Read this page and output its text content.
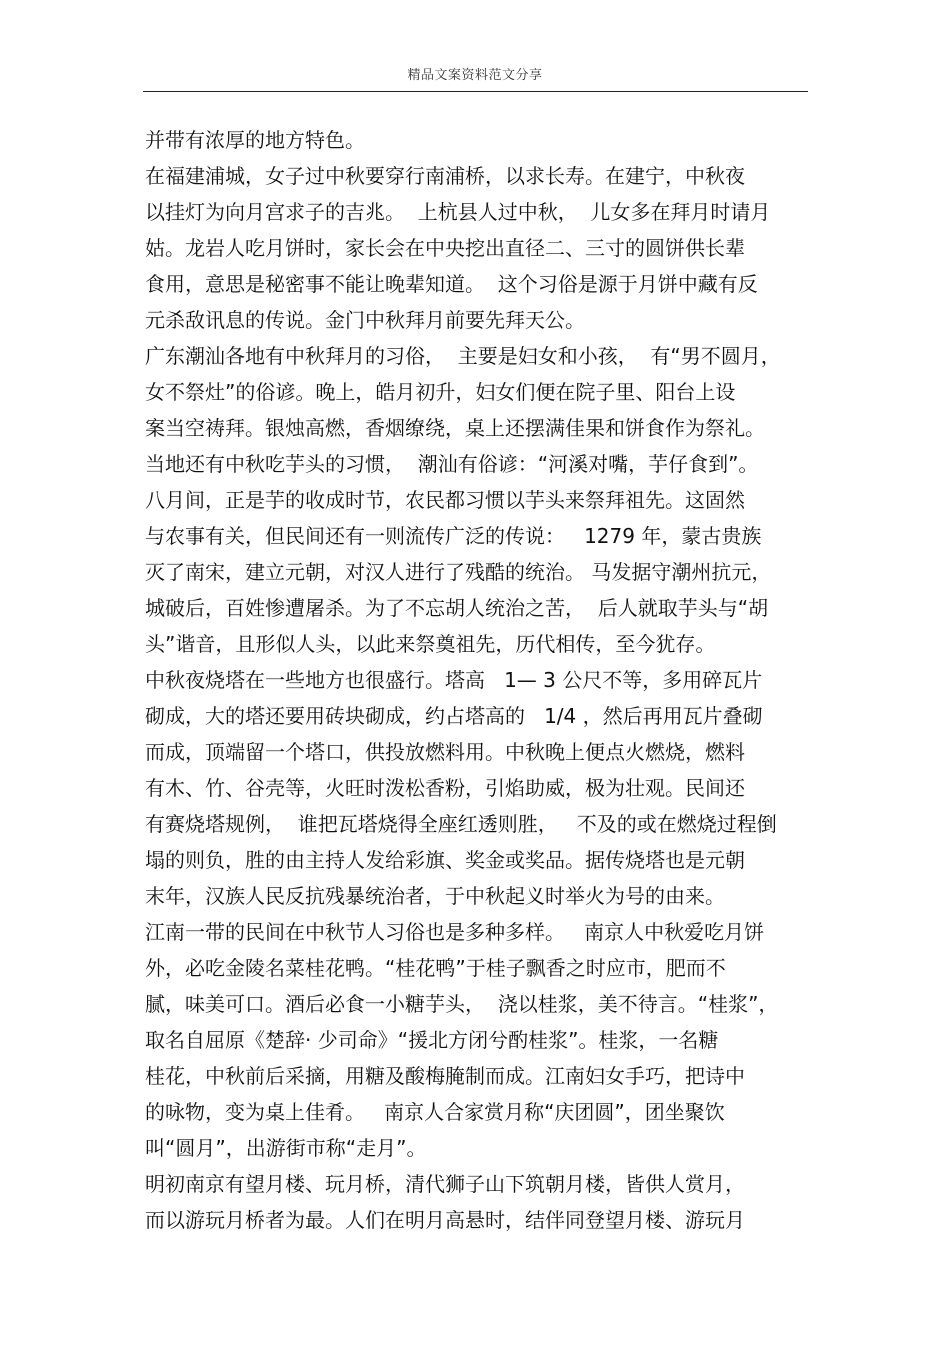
精品文案资料范文分享
并带有浓厚的地方特色。
在福建浦城，女子过中秋要穿行南浦桥，以求长寿。在建宁，中秋夜
以挂灯为向月宫求子的吉兆。  上杭县人过中秋，  儿女多在拜月时请月
姑。龙岩人吃月饼时，家长会在中央挖出直径二、三寸的圆饼供长辈
食用，意思是秘密事不能让晚辈知道。  这个习俗是源于月饼中藏有反
元杀敌讯息的传说。金门中秋拜月前要先拜天公。
广东潮汕各地有中秋拜月的习俗，  主要是妇女和小孩，  有“男不圆月，
女不祭灶”的俗谚。晚上，皓月初升，妇女们便在院子里、阳台上设
案当空祷拜。银烛高燃，香烟缭绕，桌上还摆满佳果和饼食作为祭礼。
当地还有中秋吃芋头的习惯，  潮汕有俗谚：“河溪对嘴，芋仔食到”。
八月间，正是芋的收成时节，农民都习惯以芋头来祭拜祖先。这固然
与农事有关，但民间还有一则流传广泛的传说：   1279 年，蒙古贵族
灭了南宋，建立元朝，对汉人进行了残酷的统治。 马发据守潮州抗元，
城破后，百姓惨遭屠杀。为了不忘胡人统治之苦，  后人就取芋头与“胡
头”谐音，且形似人头，以此来祭奠祖先，历代相传，至今犹存。
中秋夜烧塔在一些地方也很盛行。塔高   1— 3 公尺不等，多用碎瓦片
砌成，大的塔还要用砖块砌成，约占塔高的   1/4 ，然后再用瓦片叠砌
而成，顶端留一个塔口，供投放燃料用。中秋晚上便点火燃烧，燃料
有木、竹、谷壳等，火旺时泼松香粉，引焰助威，极为壮观。民间还
有赛烧塔规例，  谁把瓦塔烧得全座红透则胜，   不及的或在燃烧过程倒
塌的则负，胜的由主持人发给彩旗、奖金或奖品。据传烧塔也是元朝
末年，汉族人民反抗残暴统治者，于中秋起义时举火为号的由来。
江南一带的民间在中秋节人习俗也是多种多样。   南京人中秋爱吃月饼
外，必吃金陵名菜桂花鸭。“桂花鸭”于桂子飘香之时应市，肥而不
腻，味美可口。酒后必食一小糖芋头，  浇以桂浆，美不待言。“桂浆”，
取名自屈原《楚辞· 少司命》“援北方闭兮酌桂浆”。桂浆，一名糖
桂花，中秋前后采摘，用糖及酸梅腌制而成。江南妇女手巧，把诗中
的咏物，变为桌上佳肴。   南京人合家赏月称“庆团圆”，团坐聚饮
叫“圆月”，出游街市称“走月”。
明初南京有望月楼、玩月桥，清代狮子山下筑朝月楼，皆供人赏月，
而以游玩月桥者为最。人们在明月高悬时，结伴同登望月楼、游玩月
